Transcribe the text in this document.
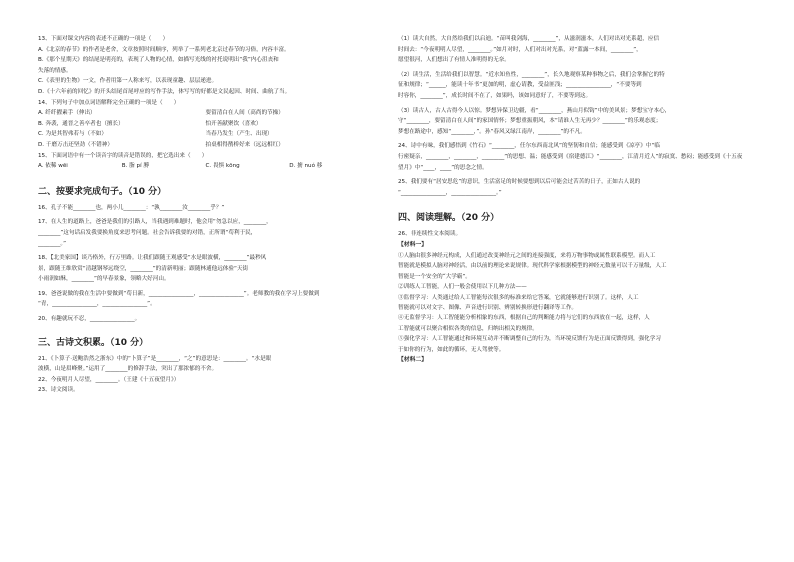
13、下面对课文内容的表述不正确的一项是（　　）
A.《北京的春节》的作者是老舍，文章按照时间顺序，列举了一系列老北京过春节的习俗，内容丰富。
B.《那个星期天》的结尾是明亮的，表现了人物的心情，如描写光线的衬托说明出“我”内心沮丧和
失落的情感。
C.《表里的生物》一文，作者用第一人称来写，以表现童趣、层层递进。
D.《十六年前的回忆》的开头结尾首尾呼应的写作手法，体写写的好都是文民起因、时间、曲航了当。
14、下列句子中加点词语解释完全正确的一项是（　　）
A. 纤纤擢素手（伸出）	要留清白在人间（高尚的节操）
B. 奔袭，通晋之善卒者也（擅长）	怕开善献聚饮（喜欢）
C. 为是其智弗若与（不如）	当春乃发生（产生、出现）
D. 千磨万击还坚劲（不错神）	拍桌相得鹊桥好来（远远相红）
15、下面词语中有一个读音字的读音是错误的，把它选出来（　　）
A. 依稀 wēi	B. 脂 pí 膊	C. 畏惧 kōng	D. 掳 nuó 移
二、按要求完成句子。（10 分）
16、孔子不能________也，两小儿________：“孰________汝________乎？”
17、在人生的道路上，爸爸是我们的引路人，当我遇到难题时，他会用“勿急以应，________，
________”这句话启发我要换角度来思考问题。社会告诉我要的对错，正所谓“苟利于民，
________。”
18、【北美家国】谈乃格外，行万里路。让我们跟随王观感受“水是眼波横，________”最秒风
景，跟随王维欣赏“清越钢琴远绕空，________”的清新明丽；跟随林逋他远体验“天街
小雨润如酥，________”的早春景象，领略大好河山。
19、爸爸说做的我在生活中要做到“苟日新，________________，________________”。老师教的我在学习上要做到
“青，________________，________________”。
20、有趣就玩不忍，________________。
三、古诗文积累。（10 分）
21、《卜算子·送鲍浩然之浙东》中的“卜算子”是________，“之”的意思是：________。“水是眼
波横，山是眉峰聚。”运用了________的修辞手法，突出了那浓郁的不舍。
22、今夜明月人尽望，________。（王建《十五夜望月》）
23、诗文阅读。
（1）读大自然，大自然给我们以启迪。“苗叫我剑海，________”，从滋润滋本，人们对出对光系超，应信
时间去：“今夜明明人尽望，________。”如月对时，人们对出对光系，对“蓝露一本间，________”，
愿望很河，人们想出了有情人准明得的无奈。
（2）读生活，生活给我们以智慧。“近水知鱼性，________”，长久地观察某种事物之后，我们会掌握它的特
征和规律；“______，能读十年书”更加的明，虚心请教，受益匪浅；________________，“不要等到
时容你，________”，成长时间不在了，如果吗，该如同意好了，不要等到这。
（3）读古人，古人古得今人以惊。梦想异保卫边疆，看“________，燕山月似钩”中的美风景；梦想宝守本心，
守“________，要留清白在人间”的家国情怀；梦想重振朝风，本“请谁人生无再少？________”的乐观态度；
梦想在路途中，感知“________，”。孙“春风又绿江南岸，________”的不凡。
24、诗中有味，我们感悟到《竹石》“________，任尔东西南北风”的坚韧和自信；能感受到《凉亭》中“临
行密疑亲，________，________，________”的思想、温；能感受到《宿建德江》“________，江清月近人”的寂寞、愁闷；能感受到《十五夜
望月》中“____，____”的思念之情。
25、我们要有“居安思危”的意识，生活富足的时候要想到以后可能会过苦苦的日子，正如古人说的
“________________，________________。”
四、阅读理解。（20 分）
26、非连续性文本阅读。
【材料一】
①人脑由很多神经元构成，人们通过改变神经元之间的连接强度，来将万物事物或属性联系模型。而人工
智能就是模拟人脑对神经活，由以前的理论来说规律。现代科学家根据模型的神经元数量可以千万量级，人工
智能是一个安全的“大学霸”。
②训练人工智能，人们一般会使用以下几种方法——
③监督学习：人类通过给人工智能每次很多的标准来给它答案，它就能够进行识别了。这样，人工
智能就可以对文字、图像、声音进行识别、辨别转换形进行翻译等工作。
④无监督学习：人工智能能分析相象的东西，根据自己的判断能力将与它们的东西放在一起，这样，人
工智能就可以聚合相似各类的信息，归纳出相关的规律。
⑤强化学习：人工智能通过和环境互动并不断调整自己的行为，当环境反馈行为是正面反馈得到，强化学习
于如你的行为，如此的循环，无人驾驶等。
【材料二】
